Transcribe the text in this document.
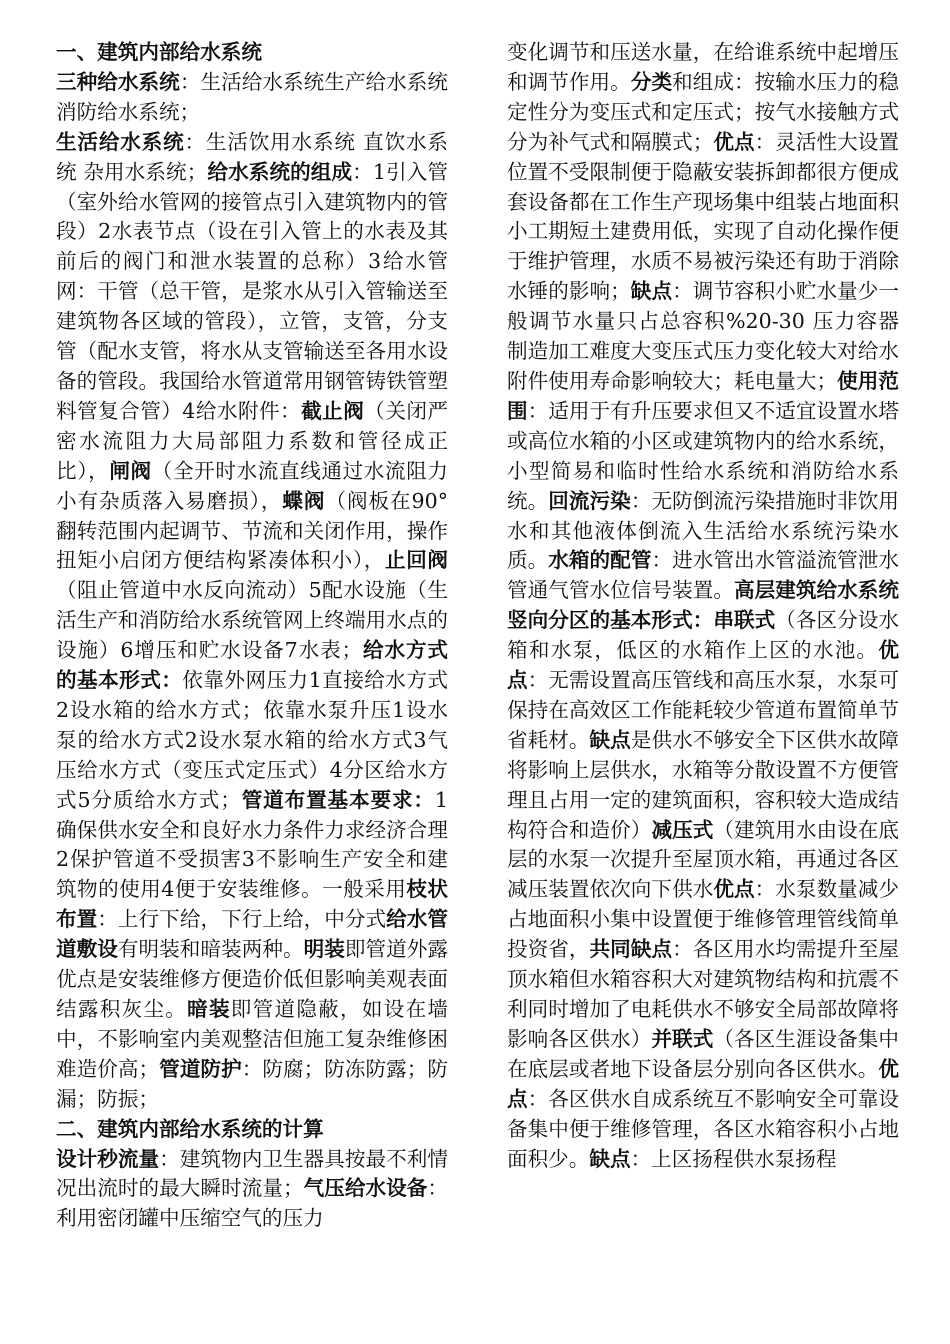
一、建筑内部给水系统

三种给水系统：生活给水系统生产给水系统消防给水系统；

生活给水系统：生活饮用水系统 直饮水系统 杂用水系统；给水系统的组成：1引入管（室外给水管网的接管点引入建筑物内的管段）2水表节点（设在引入管上的水表及其前后的阀门和泄水装置的总称）3给水管网：干管（总干管，是浆水从引入管输送至建筑物各区域的管段），立管，支管，分支管（配水支管，将水从支管输送至各用水设备的管段。我国给水管道常用钢管铸铁管塑料管复合管）4给水附件：截止阀（关闭严密水流阻力大局部阻力系数和管径成正比），闸阀（全开时水流直线通过水流阻力小有杂质落入易磨损），蝶阀（阀板在90°翻转范围内起调节、节流和关闭作用，操作扭矩小启闭方便结构紧凑体积小），止回阀（阻止管道中水反向流动）5配水设施（生活生产和消防给水系统管网上终端用水点的设施）6增压和贮水设备7水表；给水方式的基本形式：依靠外网压力1直接给水方式2设水箱的给水方式；依靠水泵升压1设水泵的给水方式2设水泵水箱的给水方式3气压给水方式（变压式定压式）4分区给水方式5分质给水方式；管道布置基本要求：1确保供水安全和良好水力条件力求经济合理2保护管道不受损害3不影响生产安全和建筑物的使用4便于安装维修。一般采用枝状布置：上行下给，下行上给，中分式给水管道敷设有明装和暗装两种。明装即管道外露优点是安装维修方便造价低但影响美观表面结露积灰尘。暗装即管道隐蔽，如设在墙中，不影响室内美观整洁但施工复杂维修困难造价高；管道防护：防腐；防冻防露；防漏；防振；

二、建筑内部给水系统的计算

设计秒流量：建筑物内卫生器具按最不利情况出流时的最大瞬时流量；气压给水设备：利用密闭罐中压缩空气的压力

变化调节和压送水量，在给谁系统中起增压和调节作用。分类和组成：按输水压力的稳定性分为变压式和定压式；按气水接触方式分为补气式和隔膜式；优点：灵活性大设置位置不受限制便于隐蔽安装拆卸都很方便成套设备都在工作生产现场集中组装占地面积小工期短土建费用低，实现了自动化操作便于维护管理，水质不易被污染还有助于消除水锤的影响；缺点：调节容积小贮水量少一般调节水量只占总容积%20-30 压力容器制造加工难度大变压式压力变化较大对给水附件使用寿命影响较大；耗电量大；使用范围：适用于有升压要求但又不适宜设置水塔或高位水箱的小区或建筑物内的给水系统，小型简易和临时性给水系统和消防给水系统。回流污染：无防倒流污染措施时非饮用水和其他液体倒流入生活给水系统污染水质。水箱的配管：进水管出水管溢流管泄水管通气管水位信号装置。高层建筑给水系统竖向分区的基本形式：串联式（各区分设水箱和水泵，低区的水箱作上区的水池。优点：无需设置高压管线和高压水泵，水泵可保持在高效区工作能耗较少管道布置简单节省耗材。缺点是供水不够安全下区供水故障将影响上层供水，水箱等分散设置不方便管理且占用一定的建筑面积，容积较大造成结构符合和造价）减压式（建筑用水由设在底层的水泵一次提升至屋顶水箱，再通过各区减压装置依次向下供水优点：水泵数量减少占地面积小集中设置便于维修管理管线简单投资省，共同缺点：各区用水均需提升至屋顶水箱但水箱容积大对建筑物结构和抗震不利同时增加了电耗供水不够安全局部故障将 影响各区供水）并联式（各区生涯设备集中在底层或者地下设备层分别向各区供水。优点：各区供水自成系统互不影响安全可靠设备集中便于维修管理，各区水箱容积小占地面积少。缺点：上区扬程供水泵扬程
